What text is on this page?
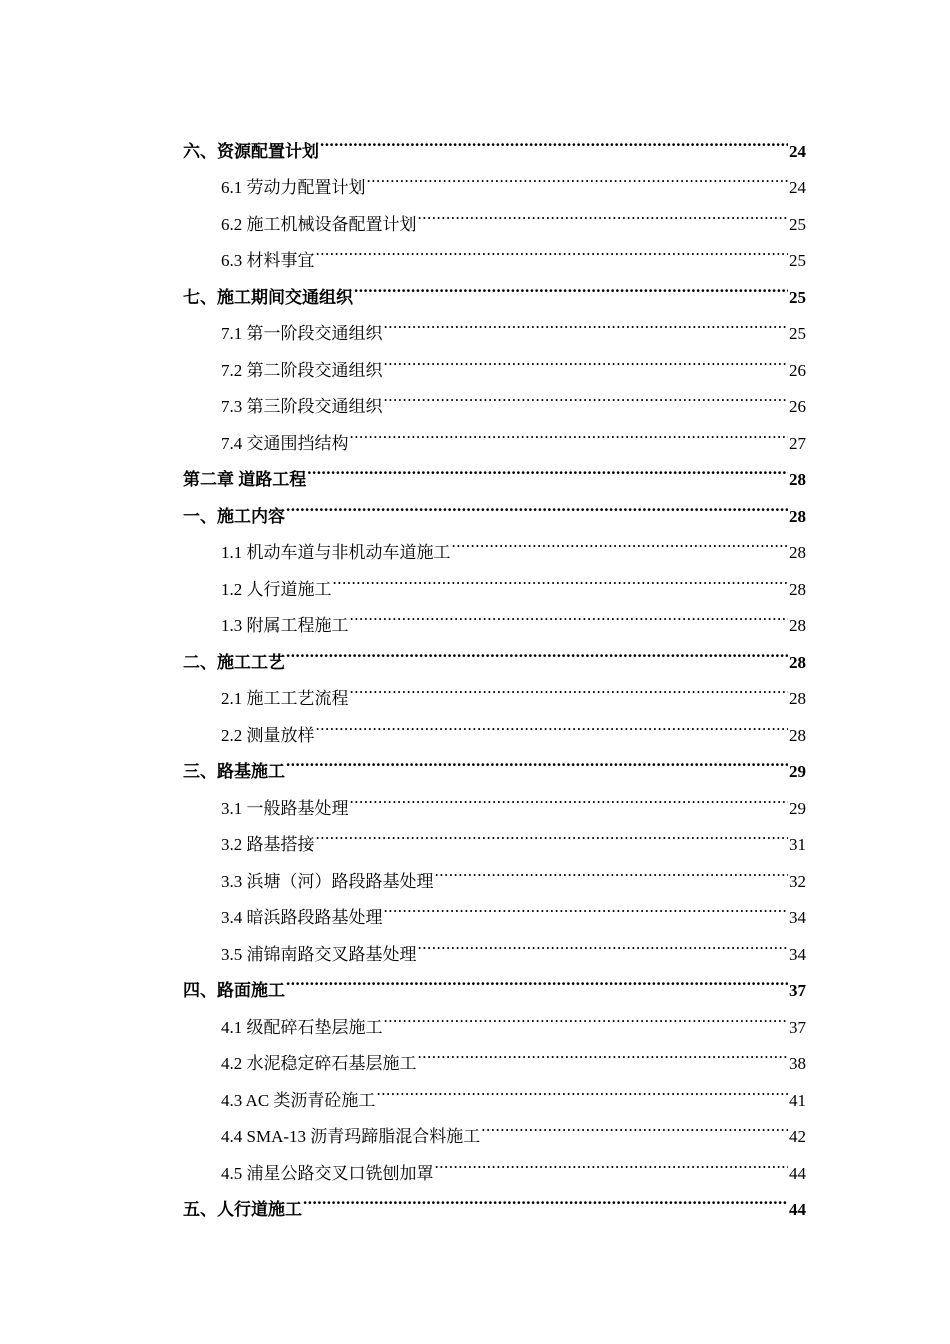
六、资源配置计划 .....	24
6.1 劳动力配置计划 .....	24
6.2 施工机械设备配置计划 .....	25
6.3 材料事宜 .....	25
七、施工期间交通组织 .....	25
7.1 第一阶段交通组织 .....	25
7.2 第二阶段交通组织 .....	26
7.3 第三阶段交通组织 .....	26
7.4 交通围挡结构 .....	27
第二章 道路工程 .....	28
一、施工内容 .....	28
1.1 机动车道与非机动车道施工 .....	28
1.2 人行道施工 .....	28
1.3 附属工程施工 .....	28
二、施工工艺 .....	28
2.1 施工工艺流程 .....	28
2.2 测量放样 .....	28
三、路基施工 .....	29
3.1 一般路基处理 .....	29
3.2 路基搭接 .....	31
3.3 浜塘（河）路段路基处理 .....	32
3.4 暗浜路段路基处理 .....	34
3.5 浦锦南路交叉路基处理 .....	34
四、路面施工 .....	37
4.1 级配碎石垫层施工 .....	37
4.2 水泥稳定碎石基层施工 .....	38
4.3 AC 类沥青砼施工 .....	41
4.4 SMA-13 沥青玛蹄脂混合料施工 .....	42
4.5 浦星公路交叉口铣刨加罩 .....	44
五、人行道施工 .....	44
